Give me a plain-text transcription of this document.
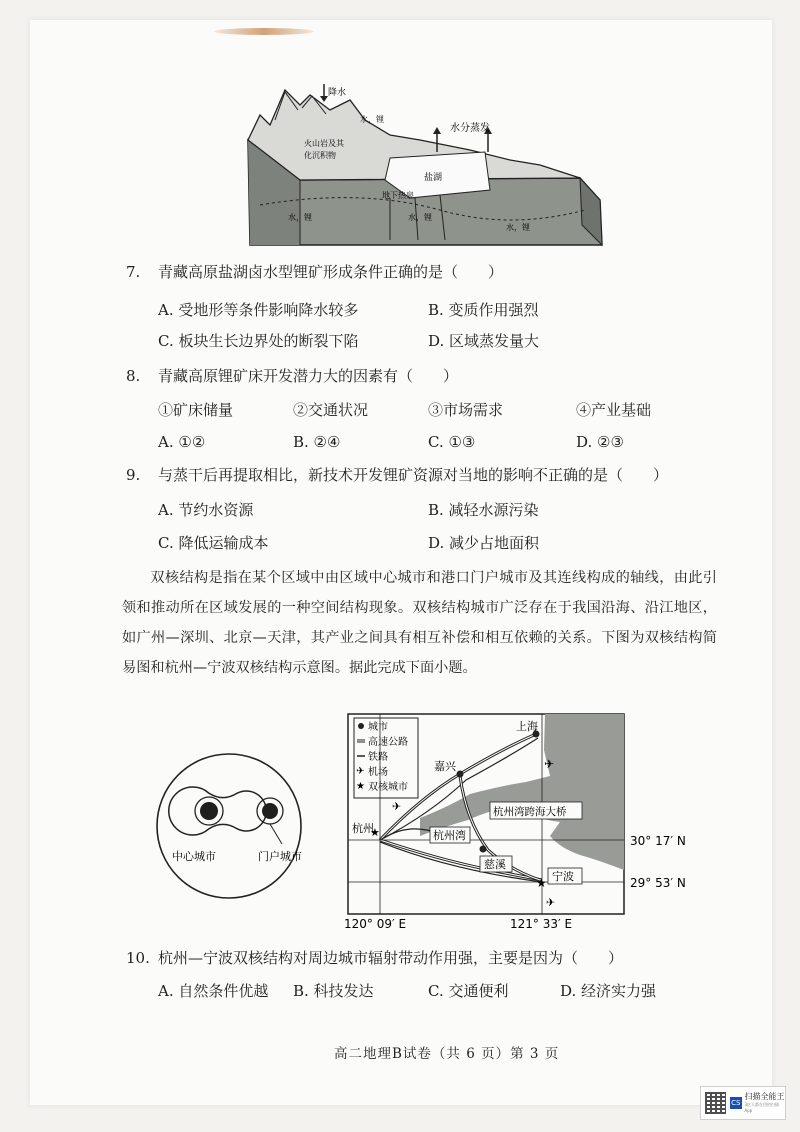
降水
水，锂
火山岩及其
化沉积物
水分蒸发
盐湖
水，锂
地下热泉
水，锂
水，锂
7. 青藏高原盐湖卤水型锂矿形成条件正确的是（　　）
A. 受地形等条件影响降水较多	B. 变质作用强烈
C. 板块生长边界处的断裂下陷	D. 区域蒸发量大
8. 青藏高原锂矿床开发潜力大的因素有（　　）
①矿床储量	②交通状况	③市场需求	④产业基础
A. ①②	B. ②④	C. ①③	D. ②③
9. 与蒸干后再提取相比，新技术开发锂矿资源对当地的影响不正确的是（　　）
A. 节约水资源	B. 减轻水源污染
C. 降低运输成本	D. 减少占地面积
双核结构是指在某个区域中由区域中心城市和港口门户城市及其连线构成的轴线，由此引领和推动所在区域发展的一种空间结构现象。双核结构城市广泛存在于我国沿海、沿江地区，如广州—深圳、北京—天津，其产业之间具有相互补偿和相互依赖的关系。下图为双核结构简易图和杭州—宁波双核结构示意图。据此完成下面小题。
中心城市	门户城市
城市
高速公路
铁路
✈ 机场
★ 双核城市
上海
嘉兴
★
杭州
杭州湾
杭州湾跨海大桥
慈溪
★ 宁波
✈
✈
✈
30° 17′ N
29° 53′ N
120° 09′ E	121° 33′ E
10. 杭州—宁波双核结构对周边城市辐射带动作用强，主要是因为（　　）
A. 自然条件优越 B. 科技发达	C. 交通便利	D. 经济实力强
高二地理B试卷（共 6 页）第 3 页
CS
扫描全能王
3亿人都在用的扫描App
